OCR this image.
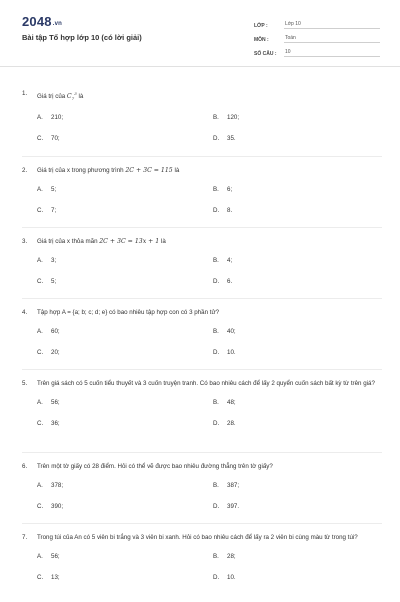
2048.vn
Bài tập Tổ hợp lớp 10 (có lời giải)
LỚP :	Lớp 10
MÔN :	Toán
SỐ CÂU :	10
1.	Giá trị của $C_7^3$ là
A.	210;	B.	120;
C.	70;	D.	35.
2.	Giá trị của x trong phương trình 2C + 3C = 115 là
A.	5;	B.	6;
C.	7;	D.	8.
3.	Giá trị của x thỏa mãn 2C + 3C = 13x + 1 là
A.	3;	B.	4;
C.	5;	D.	6.
4.	Tập hợp A = {a; b; c; d; e} có bao nhiêu tập hợp con có 3 phần tử?
A.	60;	B.	40;
C.	20;	D.	10.
5.	Trên giá sách có 5 cuốn tiểu thuyết và 3 cuốn truyện tranh. Có bao nhiêu cách để lấy 2 quyển cuốn sách bất kỳ từ trên giá?
A.	56;	B.	48;
C.	36;	D.	28.
6.	Trên một tờ giấy có 28 điểm. Hỏi có thể vẽ được bao nhiêu đường thẳng trên tờ giấy?
A.	378;	B.	387;
C.	390;	D.	397.
7.	Trong túi của An có 5 viên bi trắng và 3 viên bi xanh. Hỏi có bao nhiêu cách để lấy ra 2 viên bi cùng màu từ trong túi?
A.	56;	B.	28;
C.	13;	D.	10.
